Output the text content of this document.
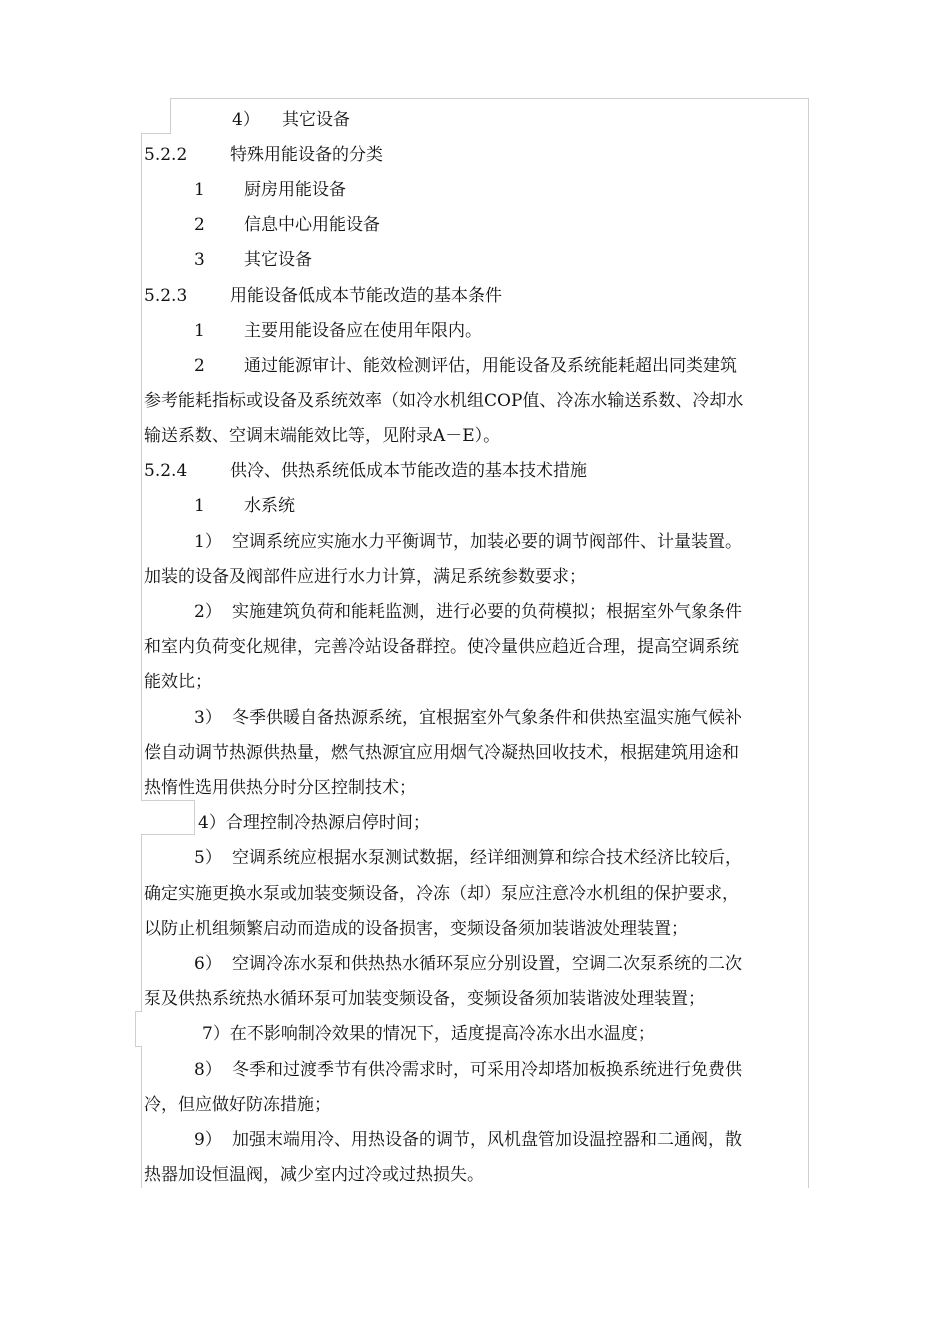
4） 其它设备
5.2.2	特殊用能设备的分类
1 厨房用能设备
2 信息中心用能设备
3 其它设备
5.2.3	用能设备低成本节能改造的基本条件
1 主要用能设备应在使用年限内。
2 通过能源审计、能效检测评估，用能设备及系统能耗超出同类建筑
参考能耗指标或设备及系统效率（如冷水机组COP值、冷冻水输送系数、冷却水
输送系数、空调末端能效比等，见附录A－E）。
5.2.4	供冷、供热系统低成本节能改造的基本技术措施
1 水系统
1） 空调系统应实施水力平衡调节，加装必要的调节阀部件、计量装置。
加装的设备及阀部件应进行水力计算，满足系统参数要求；
2） 实施建筑负荷和能耗监测，进行必要的负荷模拟；根据室外气象条件
和室内负荷变化规律，完善冷站设备群控。使冷量供应趋近合理，提高空调系统
能效比；
3） 冬季供暖自备热源系统，宜根据室外气象条件和供热室温实施气候补
偿自动调节热源供热量，燃气热源宜应用烟气冷凝热回收技术，根据建筑用途和
热惰性选用供热分时分区控制技术；
4）合理控制冷热源启停时间；
5） 空调系统应根据水泵测试数据，经详细测算和综合技术经济比较后，
确定实施更换水泵或加装变频设备，冷冻（却）泵应注意冷水机组的保护要求，
以防止机组频繁启动而造成的设备损害，变频设备须加装谐波处理装置；
6） 空调冷冻水泵和供热热水循环泵应分别设置，空调二次泵系统的二次
泵及供热系统热水循环泵可加装变频设备，变频设备须加装谐波处理装置；
7）在不影响制冷效果的情况下，适度提高冷冻水出水温度；
8） 冬季和过渡季节有供冷需求时，可采用冷却塔加板换系统进行免费供
冷，但应做好防冻措施；
9） 加强末端用冷、用热设备的调节，风机盘管加设温控器和二通阀，散
热器加设恒温阀，减少室内过冷或过热损失。
